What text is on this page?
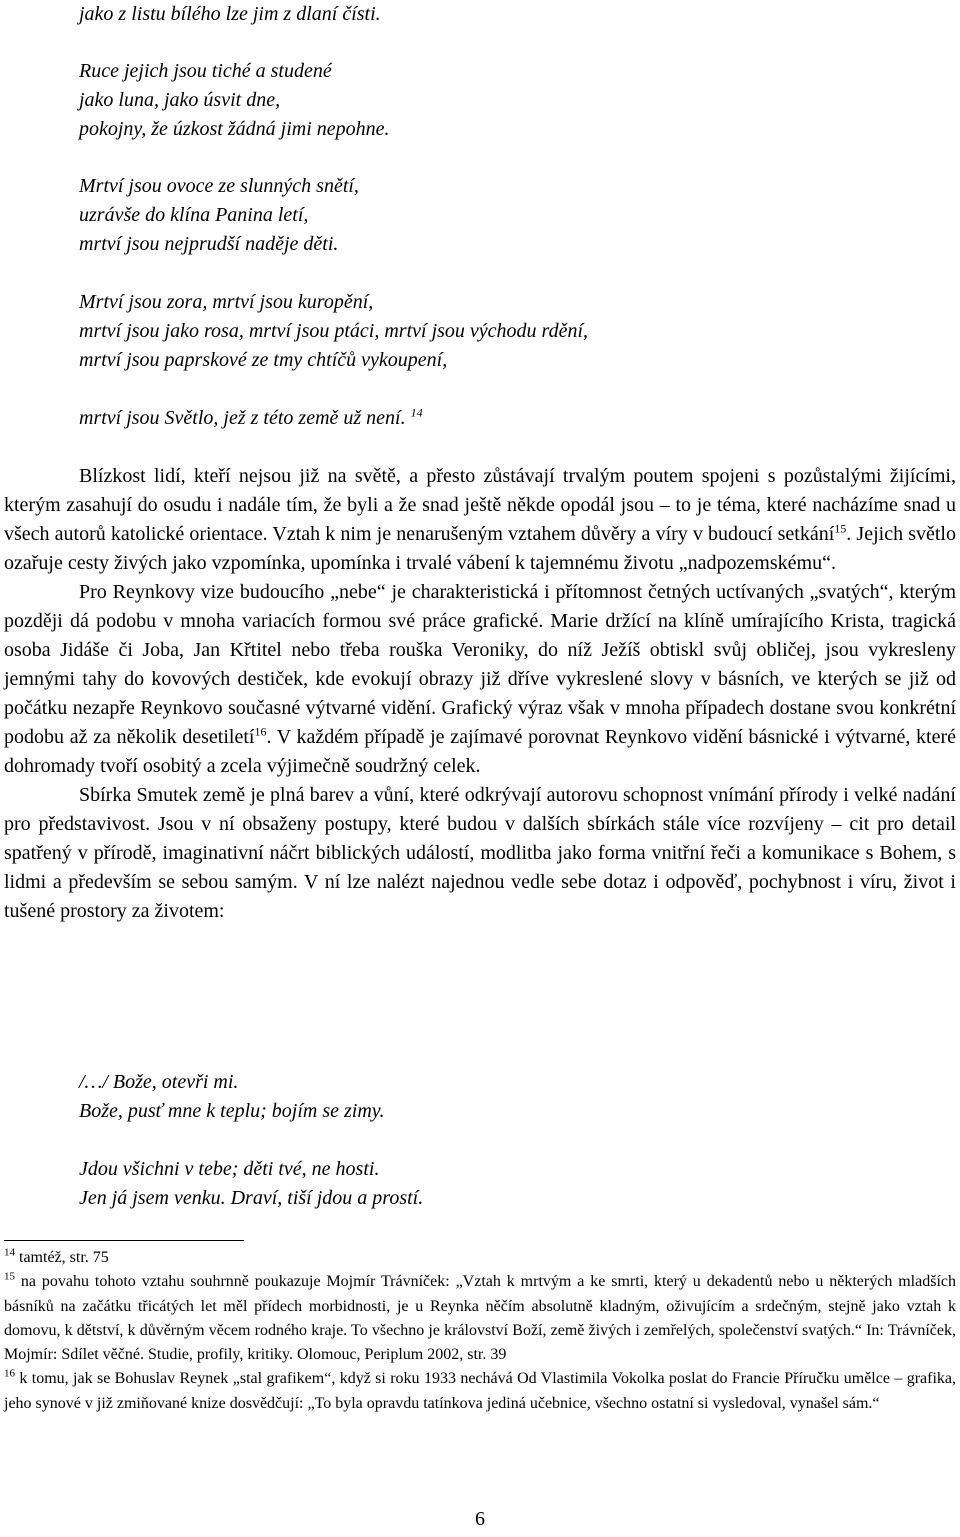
jako z listu bílého lze jim z dlaní čísti.
Ruce jejich jsou tiché a studené
jako luna, jako úsvit dne,
pokojny, že úzkost žádná jimi nepohne.
Mrtví jsou ovoce ze slunných snětí,
uzrávše do klína Panina letí,
mrtví jsou nejprudší naděje děti.
Mrtví jsou zora, mrtví jsou kuropění,
mrtví jsou jako rosa, mrtví jsou ptáci, mrtví jsou východu rdění,
mrtví jsou paprskové ze tmy chtíčů vykoupení,
mrtví jsou Světlo, jež z této země už není. $^{14}$

Blízkost lidí, kteří nejsou již na světě, a přesto zůstávají trvalým poutem spojeni s pozůstalými žijícími, kterým zasahují do osudu i nadále tím, že byli a že snad ještě někde opodál jsou – to je téma, které nacházíme snad u všech autorů katolické orientace. Vztah k nim je nenarušeným vztahem důvěry a víry v budoucí setkání$^{15}$. Jejich světlo ozařuje cesty živých jako vzpomínka, upomínka i trvalé vábení k tajemnému životu „nadpozemskému“.

Pro Reynkovy vize budoucího „nebe“ je charakteristická i přítomnost četných uctívaných „svatých“, kterým později dá podobu v mnoha variacích formou své práce grafické. Marie držící na klíně umírajícího Krista, tragická osoba Jidáše či Joba, Jan Křtitel nebo třeba rouška Veroniky, do níž Ježíš obtiskl svůj obličej, jsou vykresleny jemnými tahy do kovových destiček, kde evokují obrazy již dříve vykreslené slovy v básních, ve kterých se již od počátku nezapře Reynkovo současné výtvarné vidění. Grafický výraz však v mnoha případech dostane svou konkrétní podobu až za několik desetiletí$^{16}$. V každém případě je zajímavé porovnat Reynkovo vidění básnické i výtvarné, které dohromady tvoří osobitý a zcela výjimečně soudržný celek.

Sbírka Smutek země je plná barev a vůní, které odkrývají autorovu schopnost vnímání přírody i velké nadání pro představivost. Jsou v ní obsaženy postupy, které budou v dalších sbírkách stále více rozvíjeny – cit pro detail spatřený v přírodě, imaginativní náčrt biblických událostí, modlitba jako forma vnitřní řeči a komunikace s Bohem, s lidmi a především se sebou samým. V ní lze nalézt najednou vedle sebe dotaz i odpověď, pochybnost i víru, život i tušené prostory za životem:

/…/ Bože, otevři mi.
Bože, pusť mne k teplu; bojím se zimy.
Jdou všichni v tebe; děti tvé, ne hosti.
Jen já jsem venku. Draví, tiší jdou a prostí.

$^{14}$ tamtéž, str. 75

$^{15}$ na povahu tohoto vztahu souhrnně poukazuje Mojmír Trávníček: „Vztah k mrtvým a ke smrti, který u dekadentů nebo u některých mladších básníků na začátku třicátých let měl přídech morbidnosti, je u Reynka něčím absolutně kladným, oživujícím a srdečným, stejně jako vztah k domovu, k dětství, k důvěrným věcem rodného kraje. To všechno je království Boží, země živých i zemřelých, společenství svatých.“ In: Trávníček, Mojmír: Sdílet věčné. Studie, profily, kritiky. Olomouc, Periplum 2002, str. 39

$^{16}$ k tomu, jak se Bohuslav Reynek „stal grafikem“, když si roku 1933 nechává Od Vlastimila Vokolka poslat do Francie Příručku umělce – grafika, jeho synové v již zmiňované knize dosvědčují: „To byla opravdu tatínkova jediná učebnice, všechno ostatní si vysledoval, vynašel sám.“

6
